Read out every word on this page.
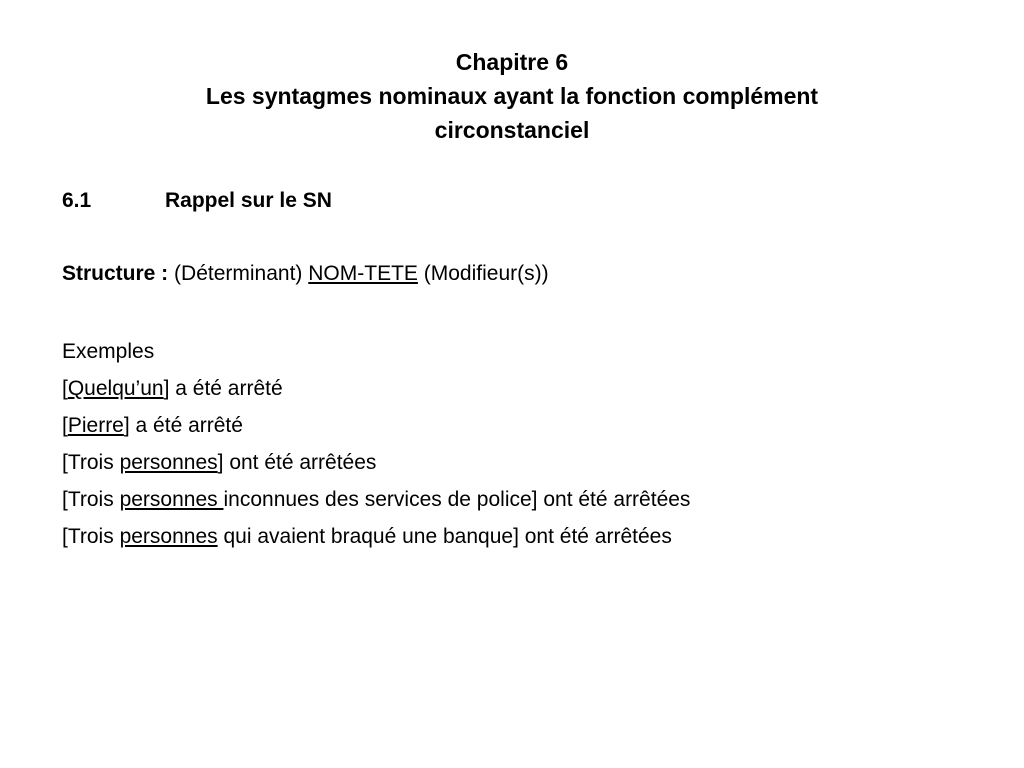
Chapitre 6
Les syntagmes nominaux ayant la fonction complément
circonstanciel
6.1	Rappel sur le SN
Structure : (Déterminant) NOM-TETE (Modifieur(s))
Exemples
[Quelqu’un] a été arrêté
[Pierre] a été arrêté
[Trois personnes] ont été arrêtées
[Trois personnes inconnues des services de police] ont été arrêtées
[Trois personnes qui avaient braqué une banque] ont été arrêtées
